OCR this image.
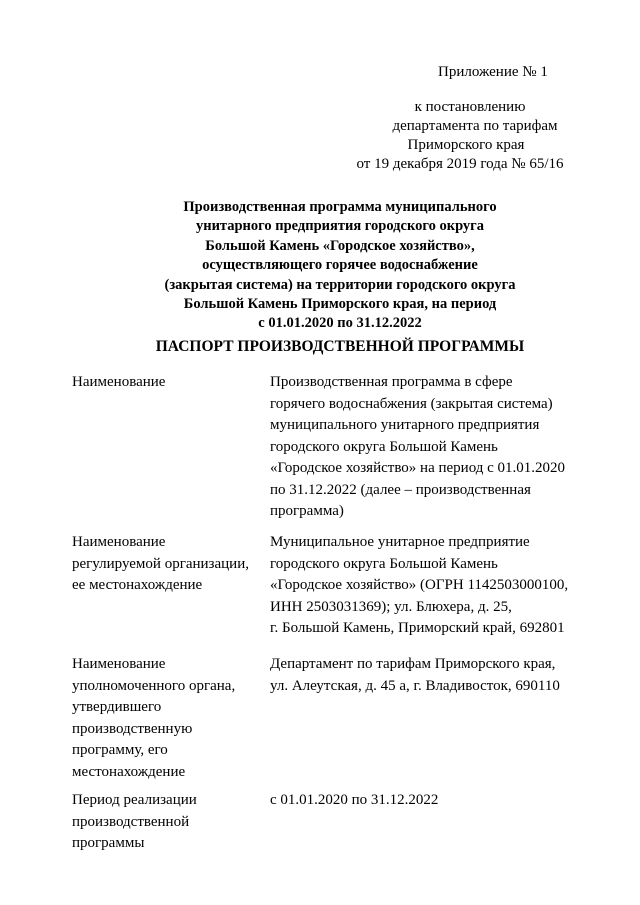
Приложение № 1
к постановлению
департамента по тарифам
Приморского края
от 19 декабря 2019 года № 65/16
Производственная программа муниципального
унитарного предприятия городского округа
Большой Камень «Городское хозяйство»,
осуществляющего горячее водоснабжение
(закрытая система) на территории городского округа
Большой Камень Приморского края, на период
с 01.01.2020 по 31.12.2022
ПАСПОРТ ПРОИЗВОДСТВЕННОЙ ПРОГРАММЫ
Наименование	Производственная программа в сфере
горячего водоснабжения (закрытая система)
муниципального унитарного предприятия
городского округа Большой Камень
«Городское хозяйство» на период с 01.01.2020
по 31.12.2022 (далее – производственная
программа)
Наименование
регулируемой организации,
ее местонахождение
Муниципальное унитарное предприятие
городского округа Большой Камень
«Городское хозяйство» (ОГРН 1142503000100,
ИНН 2503031369); ул. Блюхера, д. 25,
г. Большой Камень, Приморский край, 692801
Наименование
уполномоченного органа,
утвердившего
производственную
программу, его
местонахождение
Департамент по тарифам Приморского края,
ул. Алеутская, д. 45 а, г. Владивосток, 690110
Период реализации
производственной
программы
с 01.01.2020 по 31.12.2022
